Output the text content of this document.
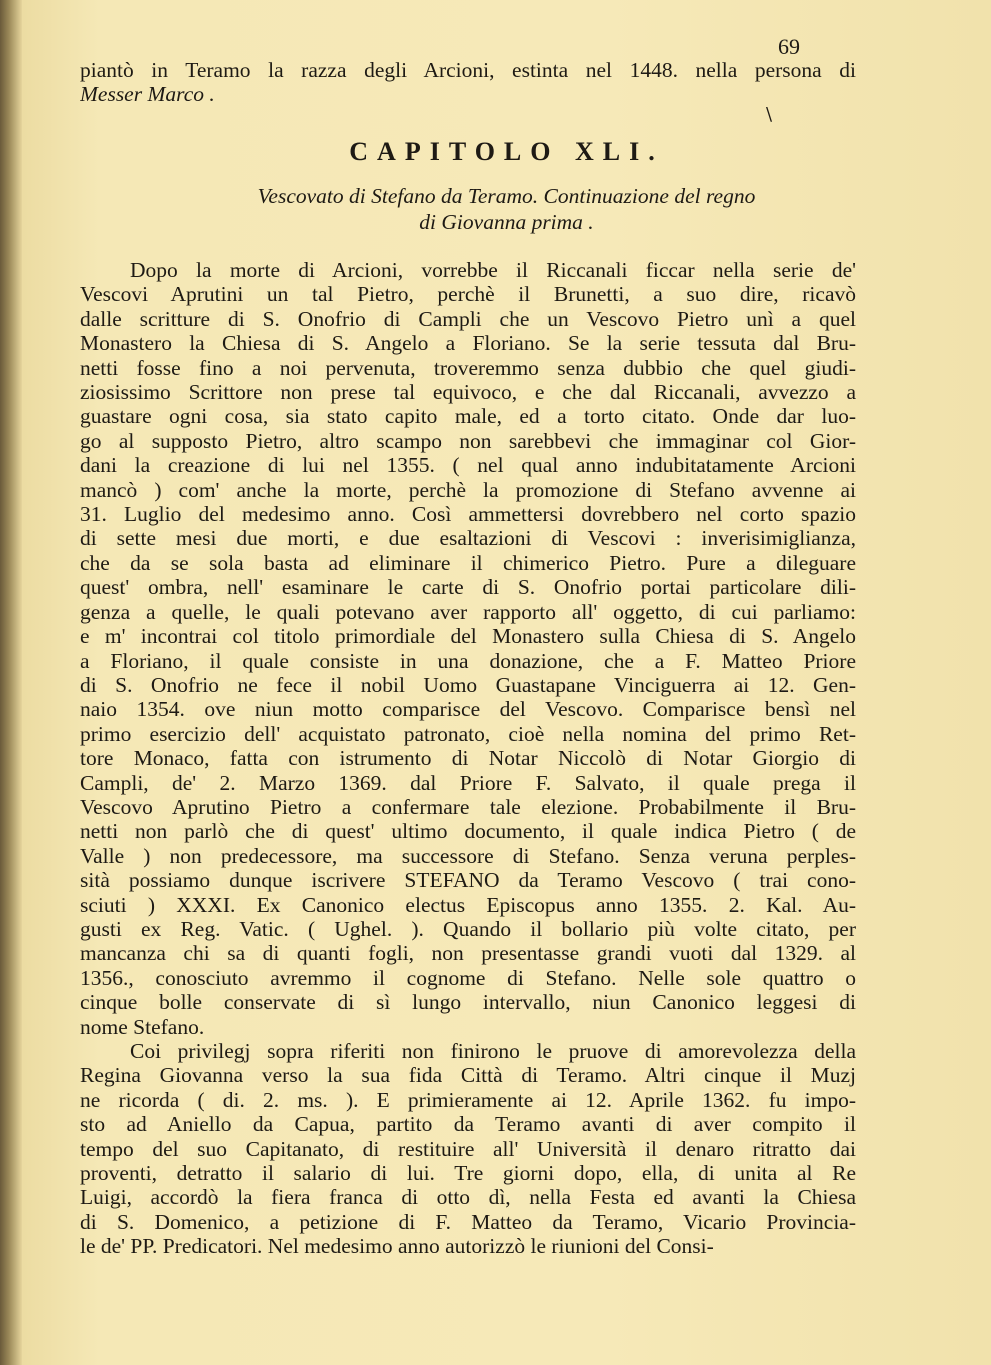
69
\
piantò in Teramo la razza degli Arcioni, estinta nel 1448. nella persona di
Messer Marco .
CAPITOLO XLI.
Vescovato di Stefano da Teramo. Continuazione del regno
di Giovanna prima .
Dopo la morte di Arcioni, vorrebbe il Riccanali ficcar nella serie de'
Vescovi Aprutini un tal Pietro, perchè il Brunetti, a suo dire, ricavò
dalle scritture di S. Onofrio di Campli che un Vescovo Pietro unì a quel
Monastero la Chiesa di S. Angelo a Floriano. Se la serie tessuta dal Bru-
netti fosse fino a noi pervenuta, troveremmo senza dubbio che quel giudi-
ziosissimo Scrittore non prese tal equivoco, e che dal Riccanali, avvezzo a
guastare ogni cosa, sia stato capito male, ed a torto citato. Onde dar luo-
go al supposto Pietro, altro scampo non sarebbevi che immaginar col Gior-
dani la creazione di lui nel 1355. ( nel qual anno indubitatamente Arcioni
mancò ) com' anche la morte, perchè la promozione di Stefano avvenne ai
31. Luglio del medesimo anno. Così ammettersi dovrebbero nel corto spazio
di sette mesi due morti, e due esaltazioni di Vescovi : inverisimiglianza,
che da se sola basta ad eliminare il chimerico Pietro. Pure a dileguare
quest' ombra, nell' esaminare le carte di S. Onofrio portai particolare dili-
genza a quelle, le quali potevano aver rapporto all' oggetto, di cui parliamo:
e m' incontrai col titolo primordiale del Monastero sulla Chiesa di S. Angelo
a Floriano, il quale consiste in una donazione, che a F. Matteo Priore
di S. Onofrio ne fece il nobil Uomo Guastapane Vinciguerra ai 12. Gen-
naio 1354. ove niun motto comparisce del Vescovo. Comparisce bensì nel
primo esercizio dell' acquistato patronato, cioè nella nomina del primo Ret-
tore Monaco, fatta con istrumento di Notar Niccolò di Notar Giorgio di
Campli, de' 2. Marzo 1369. dal Priore F. Salvato, il quale prega il
Vescovo Aprutino Pietro a confermare tale elezione. Probabilmente il Bru-
netti non parlò che di quest' ultimo documento, il quale indica Pietro ( de
Valle ) non predecessore, ma successore di Stefano. Senza veruna perples-
sità possiamo dunque iscrivere STEFANO da Teramo Vescovo ( trai cono-
sciuti ) XXXI. Ex Canonico electus Episcopus anno 1355. 2. Kal. Au-
gusti ex Reg. Vatic. ( Ughel. ). Quando il bollario più volte citato, per
mancanza chi sa di quanti fogli, non presentasse grandi vuoti dal 1329. al
1356., conosciuto avremmo il cognome di Stefano. Nelle sole quattro o
cinque bolle conservate di sì lungo intervallo, niun Canonico leggesi di
nome Stefano.
Coi privilegj sopra riferiti non finirono le pruove di amorevolezza della
Regina Giovanna verso la sua fida Città di Teramo. Altri cinque il Muzj
ne ricorda ( di. 2. ms. ). E primieramente ai 12. Aprile 1362. fu impo-
sto ad Aniello da Capua, partito da Teramo avanti di aver compito il
tempo del suo Capitanato, di restituire all' Università il denaro ritratto dai
proventi, detratto il salario di lui. Tre giorni dopo, ella, di unita al Re
Luigi, accordò la fiera franca di otto dì, nella Festa ed avanti la Chiesa
di S. Domenico, a petizione di F. Matteo da Teramo, Vicario Provincia-
le de' PP. Predicatori. Nel medesimo anno autorizzò le riunioni del Consi-
